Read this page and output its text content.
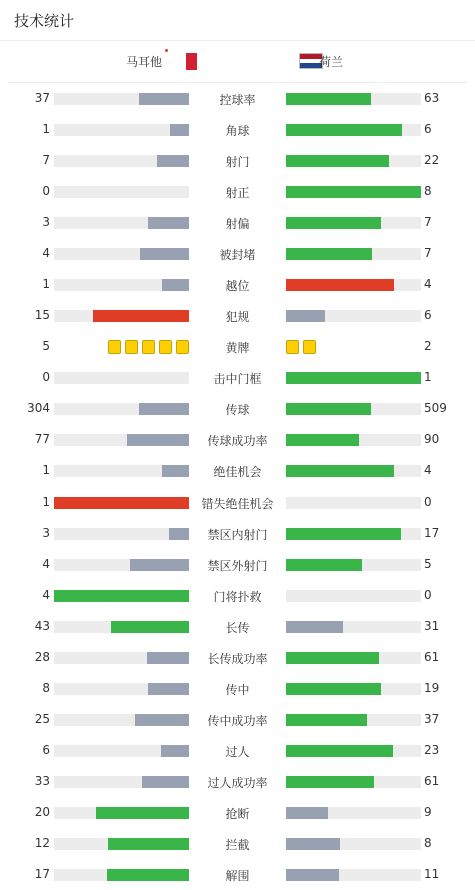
技术统计
马耳他	荷兰
37	控球率	63
1	角球	6
7	射门	22
0	射正	8
3	射偏	7
4	被封堵	7
1	越位	4
15	犯规	6
5	黄牌	2
0	击中门框	1
304	传球	509
77	传球成功率	90
1	绝佳机会	4
1	错失绝佳机会	0
3	禁区内射门	17
4	禁区外射门	5
4	门将扑救	0
43	长传	31
28	长传成功率	61
8	传中	19
25	传中成功率	37
6	过人	23
33	过人成功率	61
20	抢断	9
12	拦截	8
17	解围	11
